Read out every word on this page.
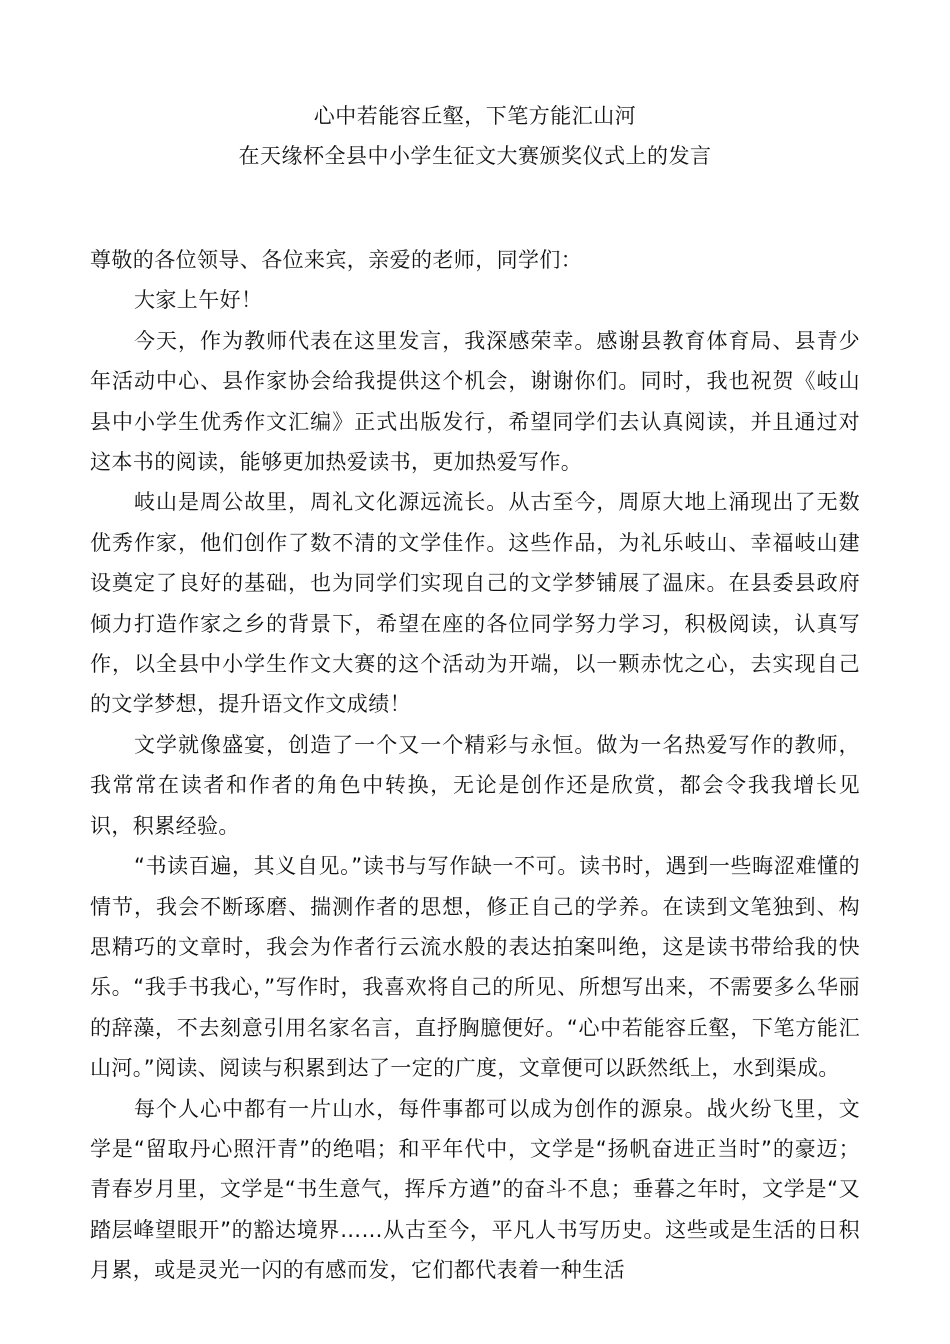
心中若能容丘壑，下笔方能汇山河
在天缘杯全县中小学生征文大赛颁奖仪式上的发言

尊敬的各位领导、各位来宾，亲爱的老师，同学们：

大家上午好！

今天，作为教师代表在这里发言，我深感荣幸。感谢县教育体育局、县青少年活动中心、县作家协会给我提供这个机会，谢谢你们。同时，我也祝贺《岐山县中小学生优秀作文汇编》正式出版发行，希望同学们去认真阅读，并且通过对这本书的阅读，能够更加热爱读书，更加热爱写作。

岐山是周公故里，周礼文化源远流长。从古至今，周原大地上涌现出了无数优秀作家，他们创作了数不清的文学佳作。这些作品，为礼乐岐山、幸福岐山建设奠定了良好的基础，也为同学们实现自己的文学梦铺展了温床。在县委县政府倾力打造作家之乡的背景下，希望在座的各位同学努力学习，积极阅读，认真写作，以全县中小学生作文大赛的这个活动为开端，以一颗赤忱之心，去实现自己的文学梦想，提升语文作文成绩！

文学就像盛宴，创造了一个又一个精彩与永恒。做为一名热爱写作的教师，我常常在读者和作者的角色中转换，无论是创作还是欣赏，都会令我我增长见识，积累经验。

“书读百遍，其义自见。”读书与写作缺一不可。读书时，遇到一些晦涩难懂的情节，我会不断琢磨、揣测作者的思想，修正自己的学养。在读到文笔独到、构思精巧的文章时，我会为作者行云流水般的表达拍案叫绝，这是读书带给我的快乐。“我手书我心，”写作时，我喜欢将自己的所见、所想写出来，不需要多么华丽的辞藻，不去刻意引用名家名言，直抒胸臆便好。“心中若能容丘壑，下笔方能汇山河。”阅读、阅读与积累到达了一定的广度，文章便可以跃然纸上，水到渠成。

每个人心中都有一片山水，每件事都可以成为创作的源泉。战火纷飞里，文学是“留取丹心照汗青”的绝唱；和平年代中，文学是“扬帆奋进正当时”的豪迈；青春岁月里，文学是“书生意气，挥斥方遒”的奋斗不息；垂暮之年时，文学是“又踏层峰望眼开”的豁达境界……从古至今，平凡人书写历史。这些或是生活的日积月累，或是灵光一闪的有感而发，它们都代表着一种生活
